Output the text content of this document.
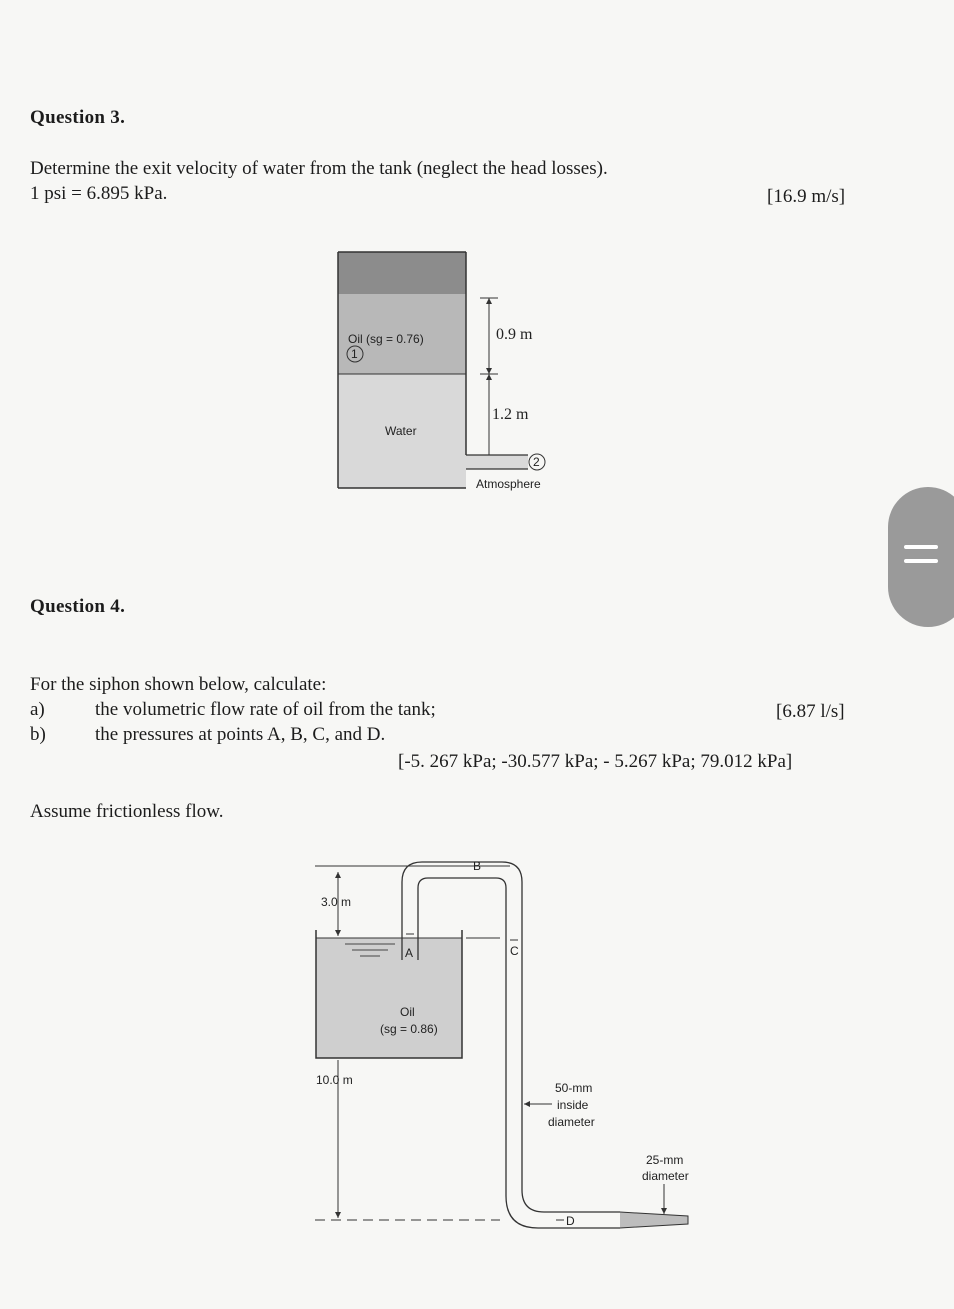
Question 3.
Determine the exit velocity of water from the tank (neglect the head losses).
1 psi = 6.895 kPa.	[16.9 m/s]
Oil (sg = 0.76)
1
Water
0.9 m
1.2 m
2
Atmosphere
Question 4.
For the siphon shown below, calculate:
a)	the volumetric flow rate of oil from the tank;	[6.87 l/s]
b)	the pressures at points A, B, C, and D.
[-5. 267 kPa; -30.577 kPa; - 5.267 kPa; 79.012 kPa]
Assume frictionless flow.
3.0 m
10.0 m
A
B
C
D
Oil
(sg = 0.86)
50-mm
inside
diameter
25-mm
diameter
